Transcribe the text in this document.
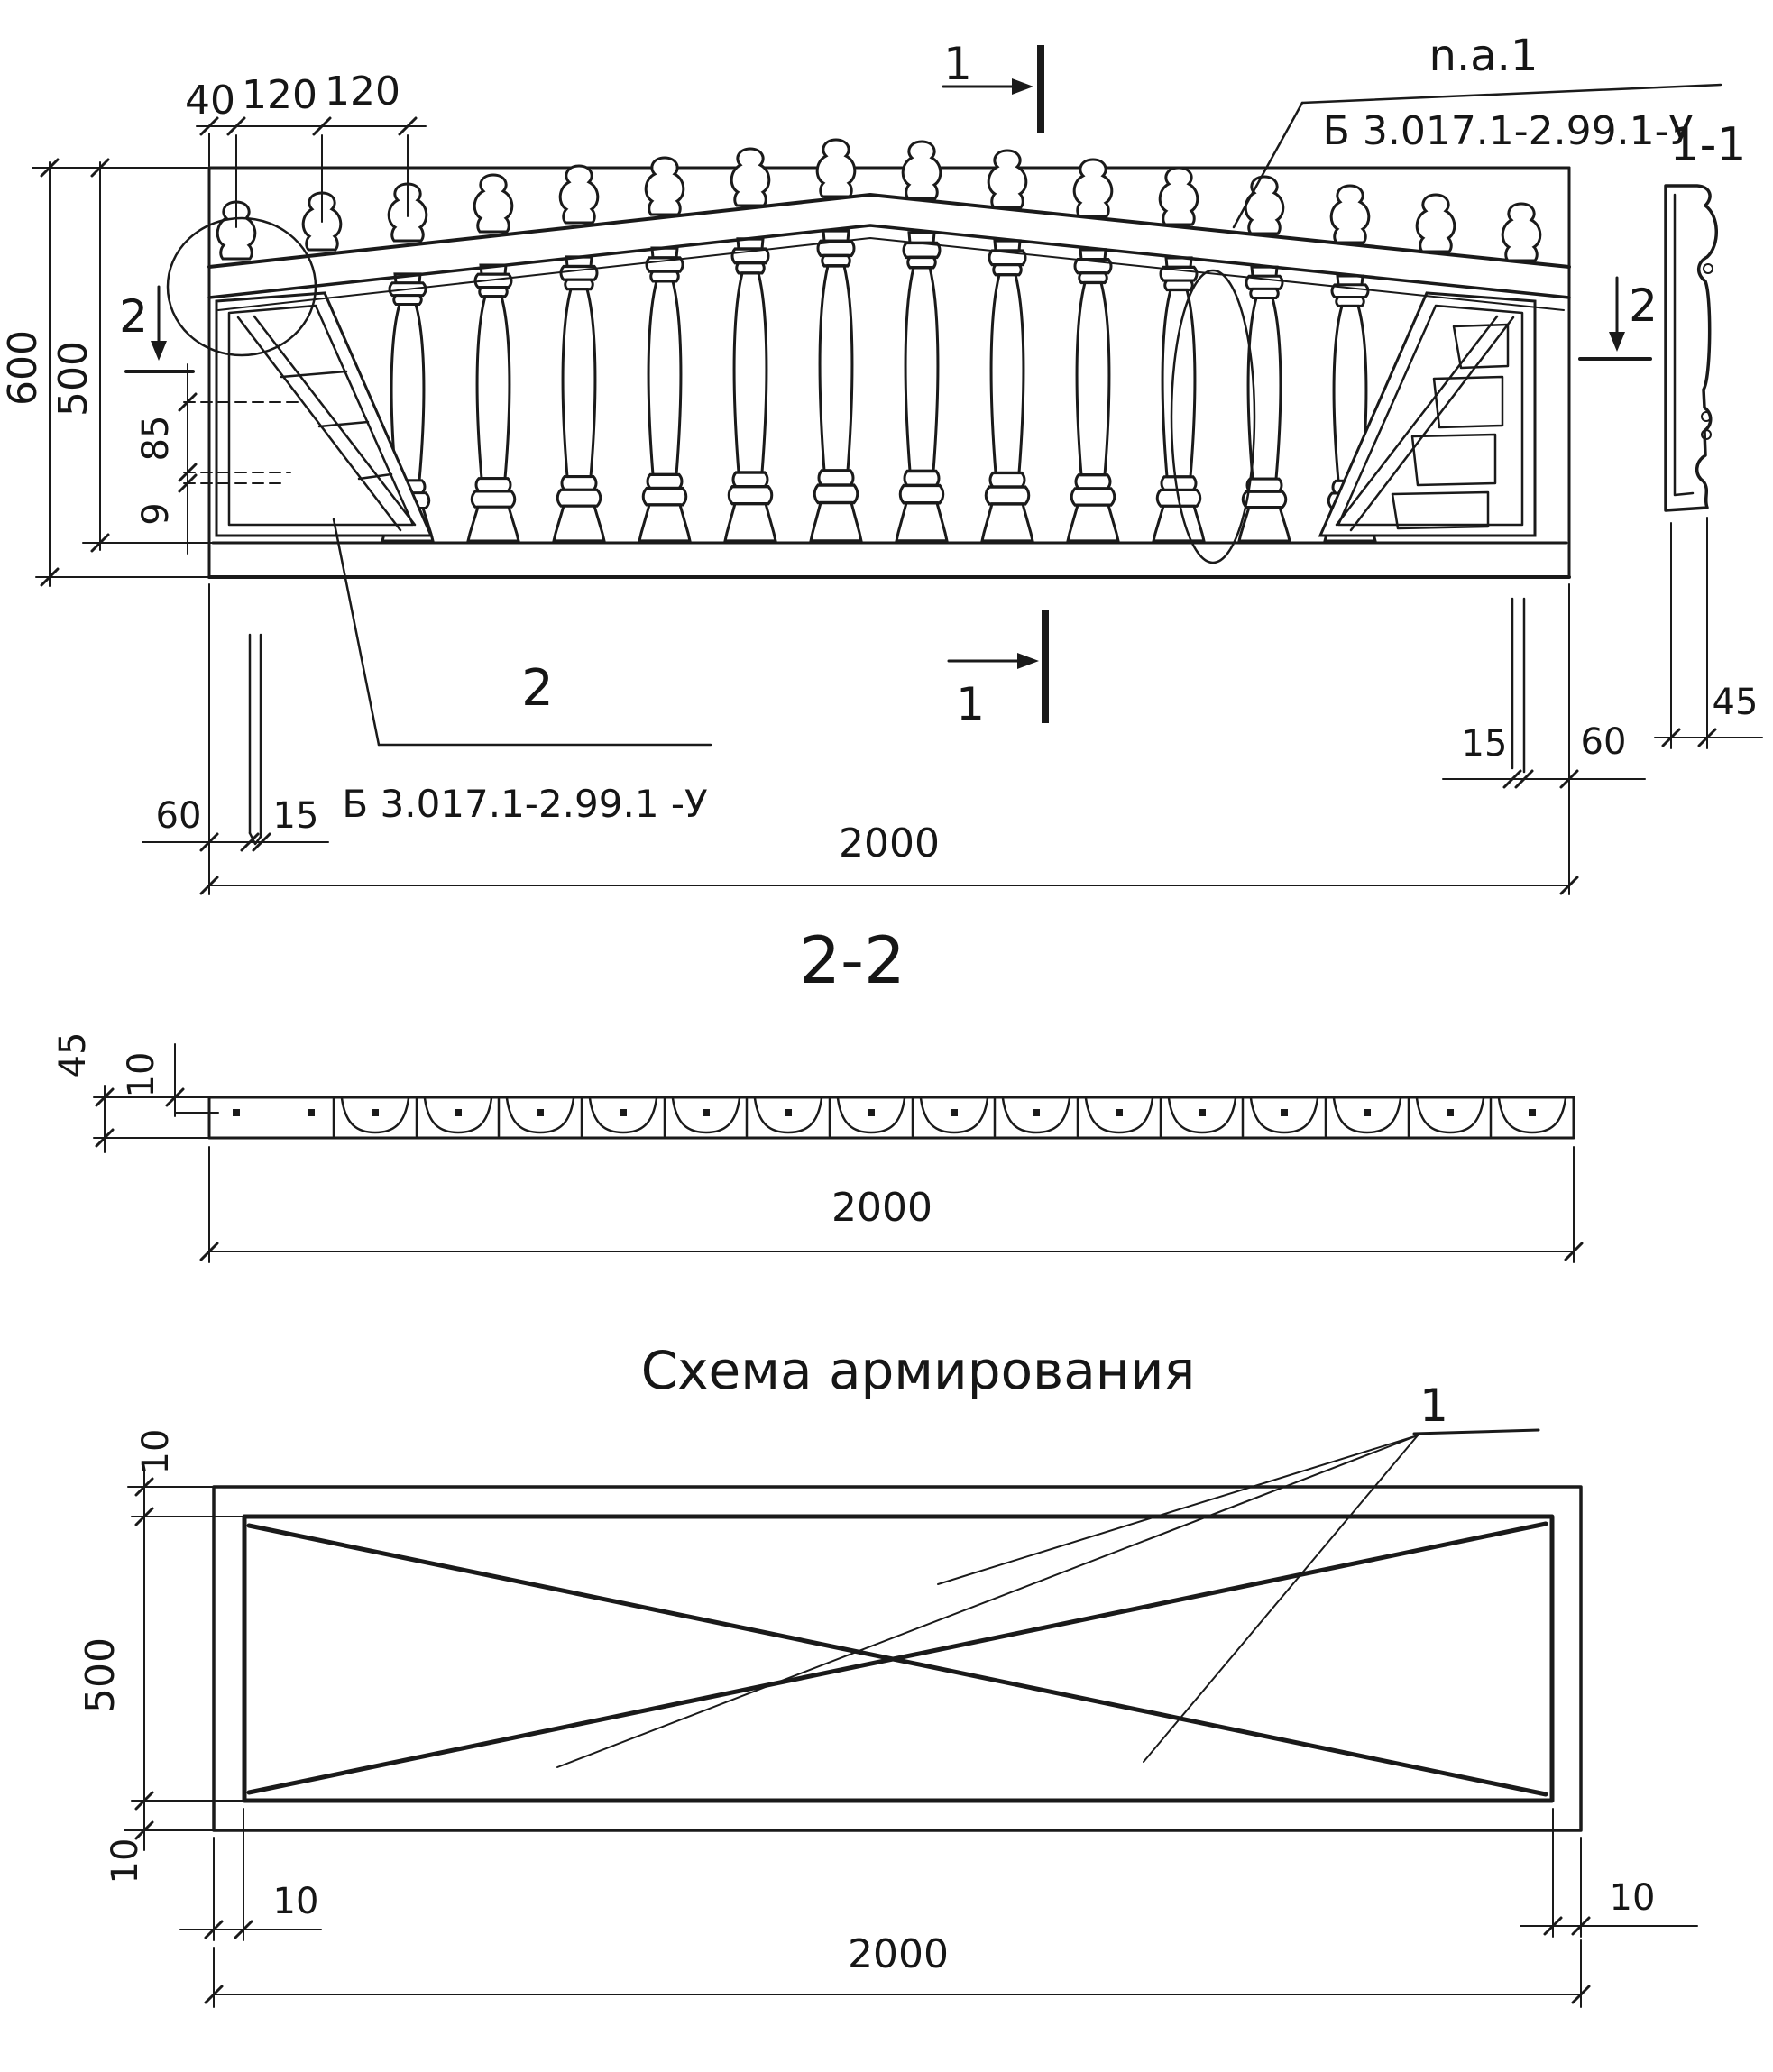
1
1
2	2
n.a.1
Б 3.017.1-2.99.1-У
2
Б 3.017.1-2.99.1 -У
40 120 120
600 500
85
9
60 15
15 60
2000
1-1
45
2-2
45 10
2000
Схема армирования
1
10
500
10
10	10
2000
